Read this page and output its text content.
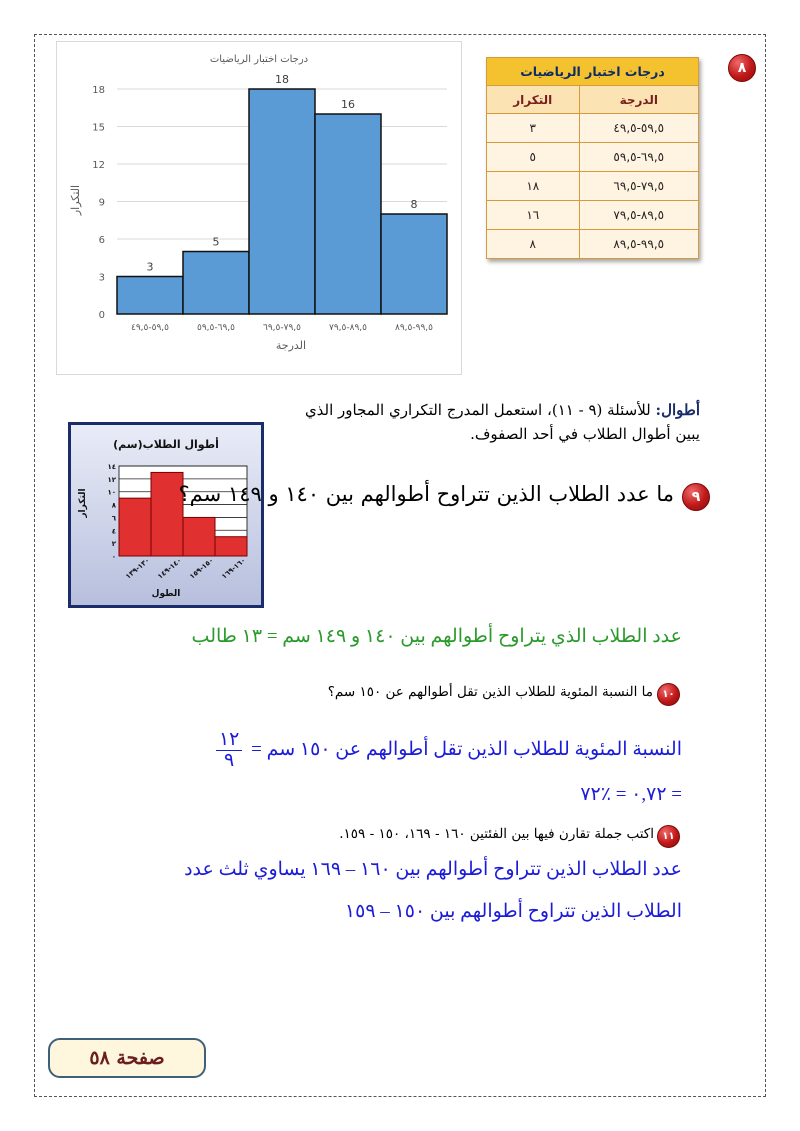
٨
درجات اختبار الرياضيات	
الدرجة	التكرار
٥٩,٥-٤٩,٥	٣
٦٩,٥-٥٩,٥	٥
٧٩,٥-٦٩,٥	١٨
٨٩,٥-٧٩,٥	١٦
٩٩,٥-٨٩,٥	٨
درجات اختبار الرياضيات
الدرجة
التكرار
0
3
6
9
12
15
18
3
٥٩,٥-٤٩,٥
5
٦٩,٥-٥٩,٥
18
٧٩,٥-٦٩,٥
16
٨٩,٥-٧٩,٥
8
٩٩,٥-٨٩,٥
أطوال: للأسئلة (٩ - ١١)، استعمل المدرج التكراري المجاور الذي
يبين أطوال الطلاب في أحد الصفوف.
أطوال الطلاب(سم)
الطول
التكرار
٠
٢
٤
٦
٨
١٠
١٢
١٤
١٣٠-١٣٩
١٤٠-١٤٩
١٥٠-١٥٩
١٦٠-١٦٩
٩
ما عدد الطلاب الذين تتراوح أطوالهم بين ١٤٠ و ١٤٩ سم؟
عدد الطلاب الذي يتراوح أطوالهم بين ١٤٠ و ١٤٩ سم = ١٣ طالب
١٠
ما النسبة المئوية للطلاب الذين تقل أطوالهم عن ١٥٠ سم؟
النسبة المئوية للطلاب الذين تقل أطوالهم عن ١٥٠ سم =
١٢
٩
= ٠,٧٢ = ٪٧٢
١١
اكتب جملة تقارن فيها بين الفئتين ١٦٠ - ١٦٩، ١٥٠ - ١٥٩.
عدد الطلاب الذين تتراوح أطوالهم بين ١٦٠ – ١٦٩ يساوي ثلث عدد
الطلاب الذين تتراوح أطوالهم بين ١٥٠ – ١٥٩
صفحة ٥٨
